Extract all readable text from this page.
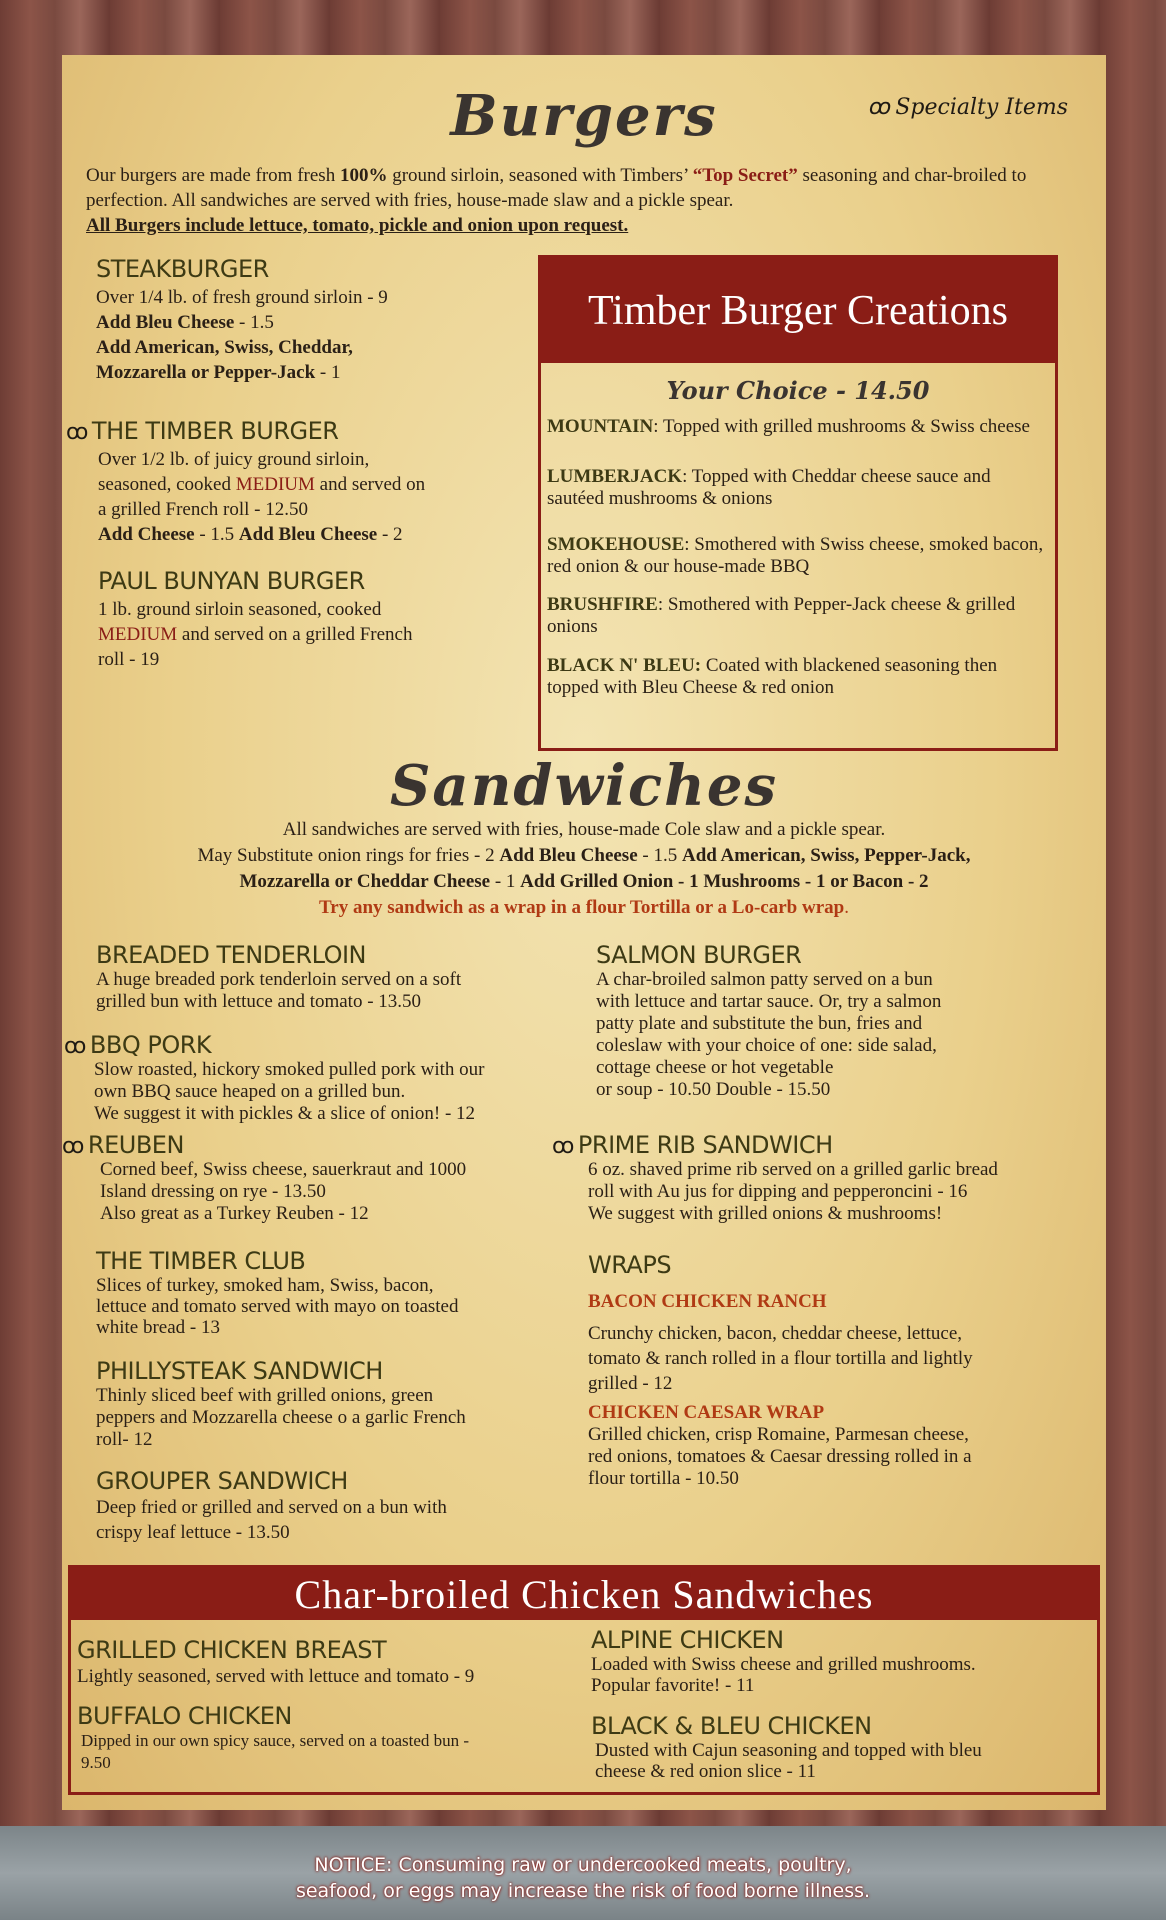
Burgers	ꝏ Specialty Items
Our burgers are made from fresh 100% ground sirloin, seasoned with Timbers’ “Top Secret” seasoning and char-broiled to perfection. All sandwiches are served with fries, house-made slaw and a pickle spear.
All Burgers include lettuce, tomato, pickle and onion upon request.
STEAKBURGER
Over 1/4 lb. of fresh ground sirloin - 9
Add Bleu Cheese - 1.5
Add American, Swiss, Cheddar,
Mozzarella or Pepper-Jack - 1
ꝏ THE TIMBER BURGER
Over 1/2 lb. of juicy ground sirloin,
seasoned, cooked MEDIUM and served on
a grilled French roll - 12.50
Add Cheese - 1.5 Add Bleu Cheese - 2
PAUL BUNYAN BURGER
1 lb. ground sirloin seasoned, cooked
MEDIUM and served on a grilled French
roll - 19
Timber Burger Creations
Your Choice - 14.50
MOUNTAIN: Topped with grilled mushrooms & Swiss cheese
LUMBERJACK: Topped with Cheddar cheese sauce and sautéed mushrooms & onions
SMOKEHOUSE: Smothered with Swiss cheese, smoked bacon, red onion & our house-made BBQ
BRUSHFIRE: Smothered with Pepper-Jack cheese & grilled onions
BLACK N' BLEU: Coated with blackened seasoning then topped with Bleu Cheese & red onion
Sandwiches
All sandwiches are served with fries, house-made Cole slaw and a pickle spear.
May Substitute onion rings for fries - 2 Add Bleu Cheese - 1.5 Add American, Swiss, Pepper-Jack,
Mozzarella or Cheddar Cheese - 1 Add Grilled Onion - 1 Mushrooms - 1 or Bacon - 2
Try any sandwich as a wrap in a flour Tortilla or a Lo-carb wrap.
BREADED TENDERLOIN
A huge breaded pork tenderloin served on a soft
grilled bun with lettuce and tomato - 13.50
ꝏ BBQ PORK
Slow roasted, hickory smoked pulled pork with our
own BBQ sauce heaped on a grilled bun.
We suggest it with pickles & a slice of onion! - 12
ꝏ REUBEN
Corned beef, Swiss cheese, sauerkraut and 1000
Island dressing on rye - 13.50
Also great as a Turkey Reuben - 12
THE TIMBER CLUB
Slices of turkey, smoked ham, Swiss, bacon,
lettuce and tomato served with mayo on toasted
white bread - 13
PHILLYSTEAK SANDWICH
Thinly sliced beef with grilled onions, green
peppers and Mozzarella cheese o a garlic French
roll- 12
GROUPER SANDWICH
Deep fried or grilled and served on a bun with
crispy leaf lettuce - 13.50
SALMON BURGER
A char-broiled salmon patty served on a bun
with lettuce and tartar sauce. Or, try a salmon
patty plate and substitute the bun, fries and
coleslaw with your choice of one: side salad,
cottage cheese or hot vegetable
or soup - 10.50 Double - 15.50
ꝏ PRIME RIB SANDWICH
6 oz. shaved prime rib served on a grilled garlic bread
roll with Au jus for dipping and pepperoncini - 16
We suggest with grilled onions & mushrooms!
WRAPS
BACON CHICKEN RANCH
Crunchy chicken, bacon, cheddar cheese, lettuce,
tomato & ranch rolled in a flour tortilla and lightly
grilled - 12
CHICKEN CAESAR WRAP
Grilled chicken, crisp Romaine, Parmesan cheese,
red onions, tomatoes & Caesar dressing rolled in a
flour tortilla - 10.50
Char-broiled Chicken Sandwiches
GRILLED CHICKEN BREAST
Lightly seasoned, served with lettuce and tomato - 9
BUFFALO CHICKEN
Dipped in our own spicy sauce, served on a toasted bun -
9.50
ALPINE CHICKEN
Loaded with Swiss cheese and grilled mushrooms.
Popular favorite! - 11
BLACK & BLEU CHICKEN
Dusted with Cajun seasoning and topped with bleu
cheese & red onion slice - 11
NOTICE: Consuming raw or undercooked meats, poultry,
seafood, or eggs may increase the risk of food borne illness.
